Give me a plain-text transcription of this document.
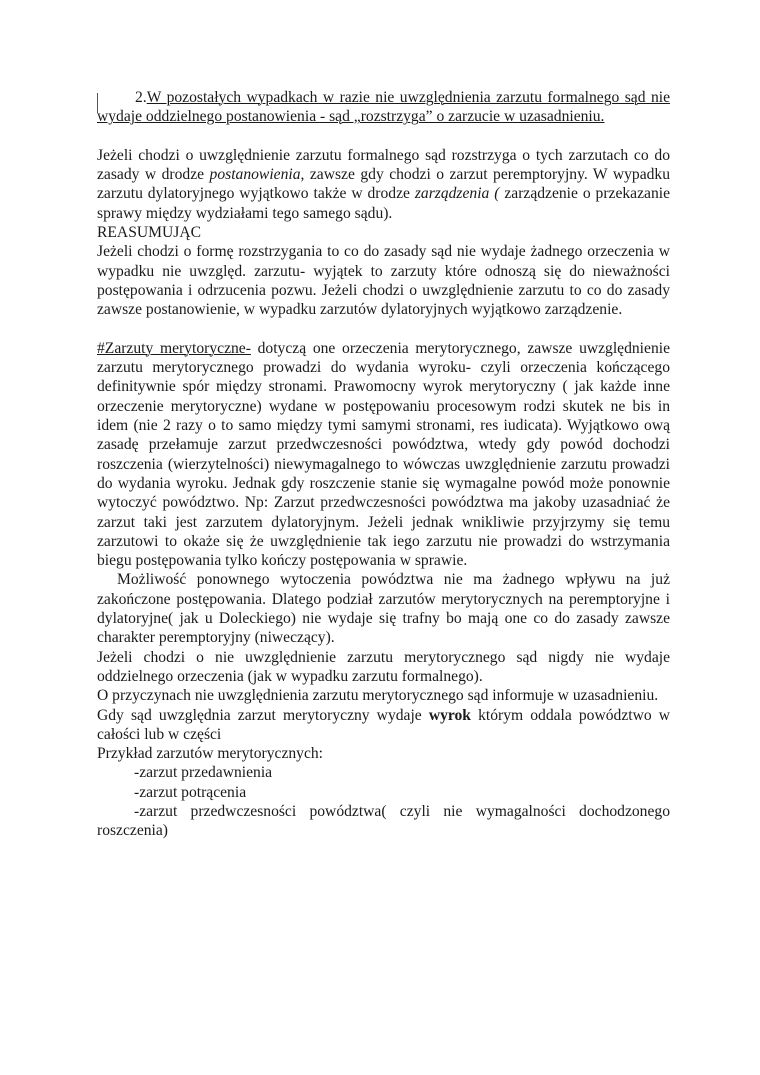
2.W pozostałych wypadkach w razie nie uwzględnienia zarzutu formalnego sąd nie wydaje oddzielnego postanowienia - sąd „rozstrzyga” o zarzucie w uzasadnieniu.

Jeżeli chodzi o uwzględnienie zarzutu formalnego sąd rozstrzyga o tych zarzutach co do zasady w drodze postanowienia, zawsze gdy chodzi o zarzut peremptoryjny. W wypadku zarzutu dylatoryjnego wyjątkowo także w drodze zarządzenia ( zarządzenie o przekazanie sprawy między wydziałami tego samego sądu).

REASUMUJĄC

Jeżeli chodzi o formę rozstrzygania to co do zasady sąd nie wydaje żadnego orzeczenia w wypadku nie uwzględ. zarzutu- wyjątek to zarzuty które odnoszą się do nieważności postępowania i odrzucenia pozwu. Jeżeli chodzi o uwzględnienie zarzutu to co do zasady zawsze postanowienie, w wypadku zarzutów dylatoryjnych wyjątkowo zarządzenie.

#Zarzuty merytoryczne- dotyczą one orzeczenia merytorycznego, zawsze uwzględnienie zarzutu merytorycznego prowadzi do wydania wyroku- czyli orzeczenia kończącego definitywnie spór między stronami. Prawomocny wyrok merytoryczny ( jak każde inne orzeczenie merytoryczne) wydane w postępowaniu procesowym rodzi skutek ne bis in idem (nie 2 razy o to samo między tymi samymi stronami, res iudicata). Wyjątkowo ową zasadę przełamuje zarzut przedwczesności powództwa, wtedy gdy powód dochodzi roszczenia (wierzytelności) niewymagalnego to wówczas uwzględnienie zarzutu prowadzi do wydania wyroku. Jednak gdy roszczenie stanie się wymagalne powód może ponownie wytoczyć powództwo. Np: Zarzut przedwczesności powództwa ma jakoby uzasadniać że zarzut taki jest zarzutem dylatoryjnym. Jeżeli jednak wnikliwie przyjrzymy się temu zarzutowi to okaże się że uwzględnienie tak iego zarzutu nie prowadzi do wstrzymania biegu postępowania tylko kończy postępowania w sprawie.

Możliwość ponownego wytoczenia powództwa nie ma żadnego wpływu na już zakończone postępowania. Dlatego podział zarzutów merytorycznych na peremptoryjne i dylatoryjne( jak u Doleckiego) nie wydaje się trafny bo mają one co do zasady zawsze charakter peremptoryjny (niweczący).

Jeżeli chodzi o nie uwzględnienie zarzutu merytorycznego sąd nigdy nie wydaje oddzielnego orzeczenia (jak w wypadku zarzutu formalnego).

O przyczynach nie uwzględnienia zarzutu merytorycznego sąd informuje w uzasadnieniu.

Gdy sąd uwzględnia zarzut merytoryczny wydaje wyrok którym oddala powództwo w całości lub w części

Przykład zarzutów merytorycznych:

-zarzut przedawnienia
-zarzut potrącenia
-zarzut przedwczesności powództwa( czyli nie wymagalności dochodzonego roszczenia)
